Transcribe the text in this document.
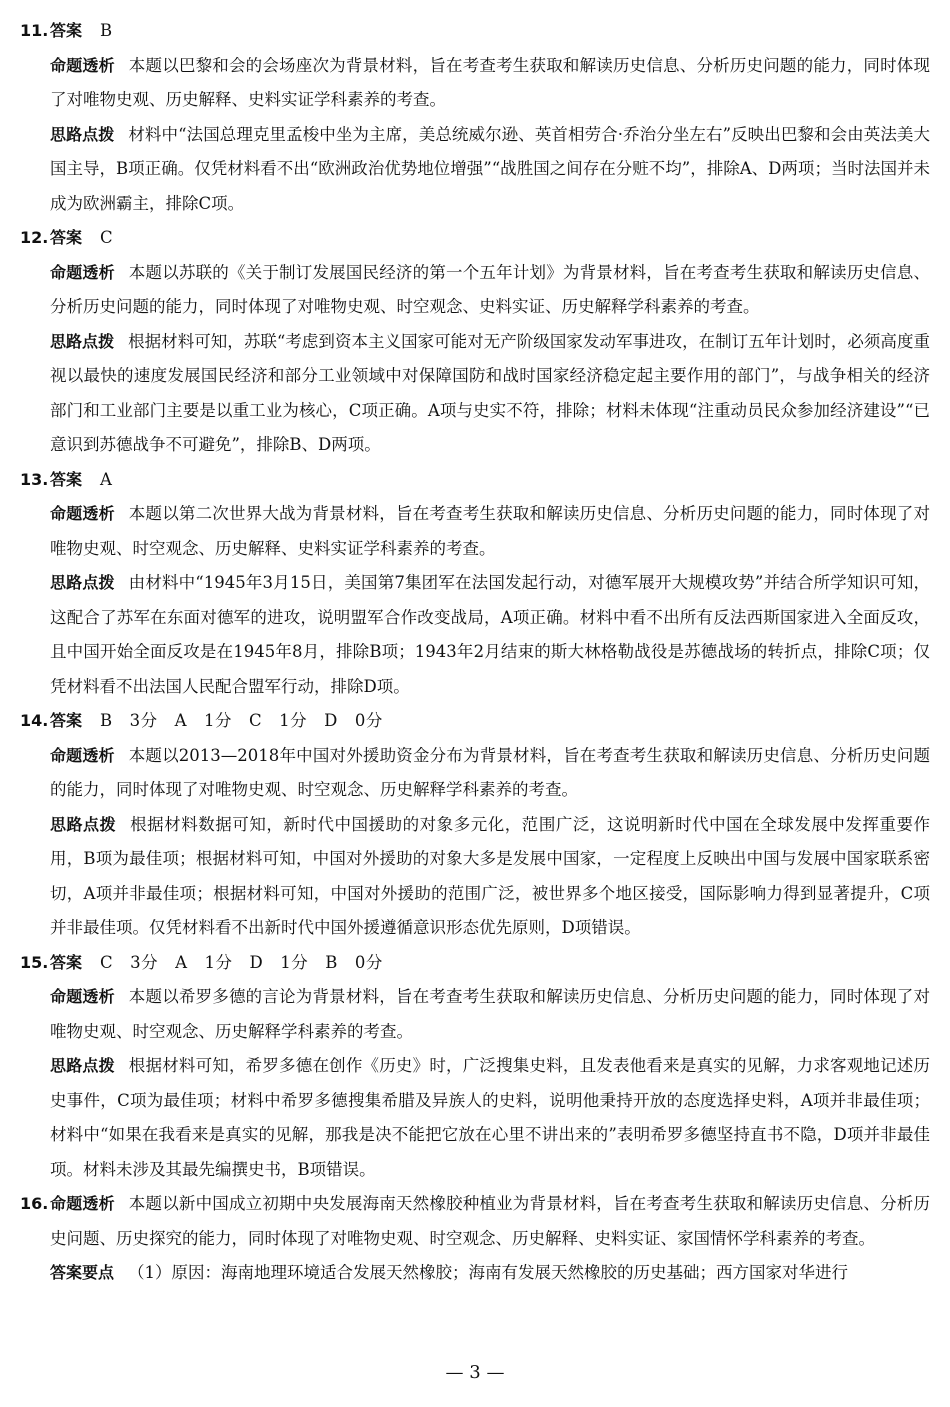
11. 答案 B
命题透析 本题以巴黎和会的会场座次为背景材料，旨在考查考生获取和解读历史信息、分析历史问题的能力，同时体现了对唯物史观、历史解释、史料实证学科素养的考查。
思路点拨 材料中“法国总理克里孟梭中坐为主席，美总统威尔逊、英首相劳合·乔治分坐左右”反映出巴黎和会由英法美大国主导，B项正确。仅凭材料看不出“欧洲政治优势地位增强”“战胜国之间存在分赃不均”，排除A、D两项；当时法国并未成为欧洲霸主，排除C项。
12. 答案 C
命题透析 本题以苏联的《关于制订发展国民经济的第一个五年计划》为背景材料，旨在考查考生获取和解读历史信息、分析历史问题的能力，同时体现了对唯物史观、时空观念、史料实证、历史解释学科素养的考查。
思路点拨 根据材料可知，苏联“考虑到资本主义国家可能对无产阶级国家发动军事进攻，在制订五年计划时，必须高度重视以最快的速度发展国民经济和部分工业领域中对保障国防和战时国家经济稳定起主要作用的部门”，与战争相关的经济部门和工业部门主要是以重工业为核心，C项正确。A项与史实不符，排除；材料未体现“注重动员民众参加经济建设”“已意识到苏德战争不可避免”，排除B、D两项。
13. 答案 A
命题透析 本题以第二次世界大战为背景材料，旨在考查考生获取和解读历史信息、分析历史问题的能力，同时体现了对唯物史观、时空观念、历史解释、史料实证学科素养的考查。
思路点拨 由材料中“1945年3月15日，美国第7集团军在法国发起行动，对德军展开大规模攻势”并结合所学知识可知，这配合了苏军在东面对德军的进攻，说明盟军合作改变战局，A项正确。材料中看不出所有反法西斯国家进入全面反攻，且中国开始全面反攻是在1945年8月，排除B项；1943年2月结束的斯大林格勒战役是苏德战场的转折点，排除C项；仅凭材料看不出法国人民配合盟军行动，排除D项。
14. 答案 B　3分　A　1分　C　1分　D　0分
命题透析 本题以2013—2018年中国对外援助资金分布为背景材料，旨在考查考生获取和解读历史信息、分析历史问题的能力，同时体现了对唯物史观、时空观念、历史解释学科素养的考查。
思路点拨 根据材料数据可知，新时代中国援助的对象多元化，范围广泛，这说明新时代中国在全球发展中发挥重要作用，B项为最佳项；根据材料可知，中国对外援助的对象大多是发展中国家，一定程度上反映出中国与发展中国家联系密切，A项并非最佳项；根据材料可知，中国对外援助的范围广泛，被世界多个地区接受，国际影响力得到显著提升，C项并非最佳项。仅凭材料看不出新时代中国外援遵循意识形态优先原则，D项错误。
15. 答案 C　3分　A　1分　D　1分　B　0分
命题透析 本题以希罗多德的言论为背景材料，旨在考查考生获取和解读历史信息、分析历史问题的能力，同时体现了对唯物史观、时空观念、历史解释学科素养的考查。
思路点拨 根据材料可知，希罗多德在创作《历史》时，广泛搜集史料，且发表他看来是真实的见解，力求客观地记述历史事件，C项为最佳项；材料中希罗多德搜集希腊及异族人的史料，说明他秉持开放的态度选择史料，A项并非最佳项；材料中“如果在我看来是真实的见解，那我是决不能把它放在心里不讲出来的”表明希罗多德坚持直书不隐，D项并非最佳项。材料未涉及其最先编撰史书，B项错误。
16. 命题透析 本题以新中国成立初期中央发展海南天然橡胶种植业为背景材料，旨在考查考生获取和解读历史信息、分析历史问题、历史探究的能力，同时体现了对唯物史观、时空观念、历史解释、史料实证、家国情怀学科素养的考查。
答案要点 （1）原因：海南地理环境适合发展天然橡胶；海南有发展天然橡胶的历史基础；西方国家对华进行
— 3 —
